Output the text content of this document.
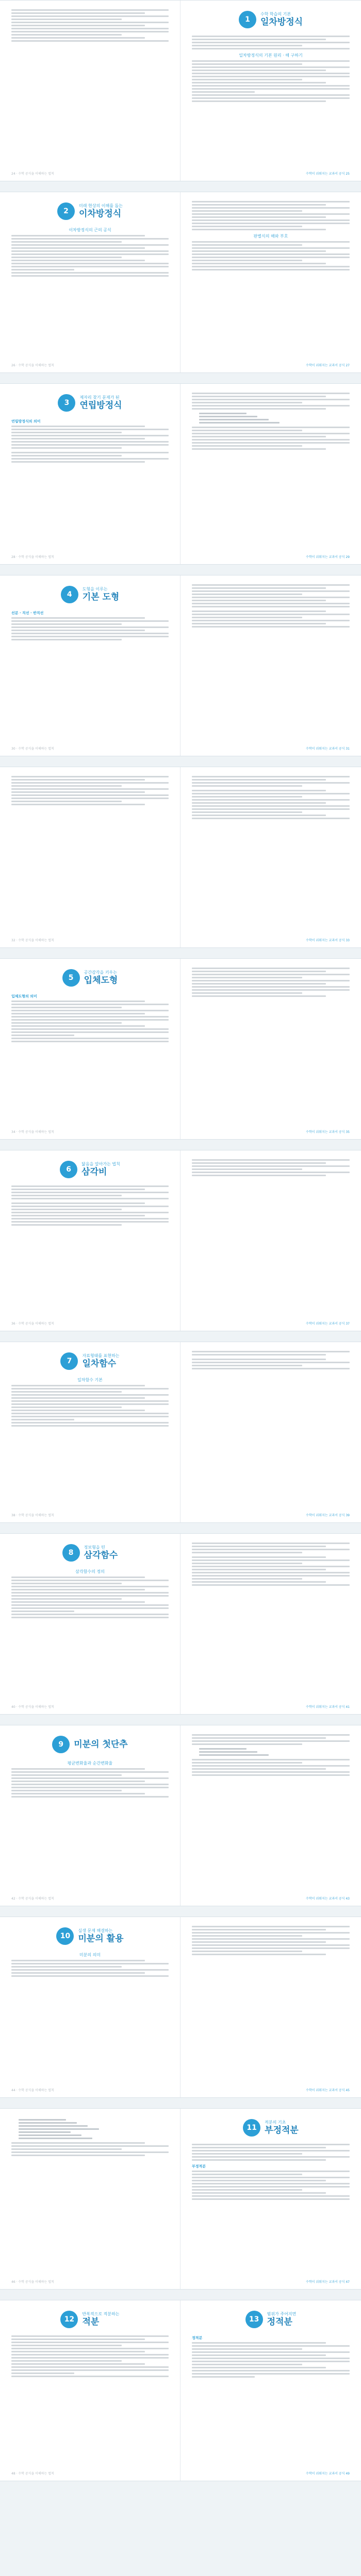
24 · 수학 공식을 이해하는 법칙
1
수학 학습의 기본
일차방정식
일차방정식의 기본 원리 · 해 구하기
수학이 쉬워지는 교과서 공식 25
2
미래 현상의 이해를 돕는
이차방정식
이차방정식의 근의 공식
26 · 수학 공식을 이해하는 법칙
판별식의 해와 부호
수학이 쉬워지는 교과서 공식 27
3
제자리 찾기 문제가 된
연립방정식
연립방정식의 의미
28 · 수학 공식을 이해하는 법칙	수학이 쉬워지는 교과서 공식 29
4
도형을 이루는
기본 도형
선분 · 직선 · 반직선
30 · 수학 공식을 이해하는 법칙	수학이 쉬워지는 교과서 공식 31
32 · 수학 공식을 이해하는 법칙	수학이 쉬워지는 교과서 공식 33
5
공간감각을 키우는
입체도형
입체도형의 의미
34 · 수학 공식을 이해하는 법칙	수학이 쉬워지는 교과서 공식 35
6
닮음을 알아가는 법칙
삼각비
36 · 수학 공식을 이해하는 법칙	수학이 쉬워지는 교과서 공식 37
7
자료형태를 표현하는
일차함수
일차함수 기본
38 · 수학 공식을 이해하는 법칙	수학이 쉬워지는 교과서 공식 39
8
정보형을 띤
삼각함수
삼각함수의 정의
40 · 수학 공식을 이해하는 법칙	수학이 쉬워지는 교과서 공식 41
9	미분의 첫단추
평균변화율과 순간변화율
42 · 수학 공식을 이해하는 법칙	수학이 쉬워지는 교과서 공식 43
10
실생 문제 해결하는
미분의 활용
미분의 의미
44 · 수학 공식을 이해하는 법칙	수학이 쉬워지는 교과서 공식 45
46 · 수학 공식을 이해하는 법칙
11
적분의 기초
부정적분
부정적분
수학이 쉬워지는 교과서 공식 47
12
반복적으로 적분하는
적분
48 · 수학 공식을 이해하는 법칙
13
범위가 주어지면
정적분
정적분
수학이 쉬워지는 교과서 공식 49
